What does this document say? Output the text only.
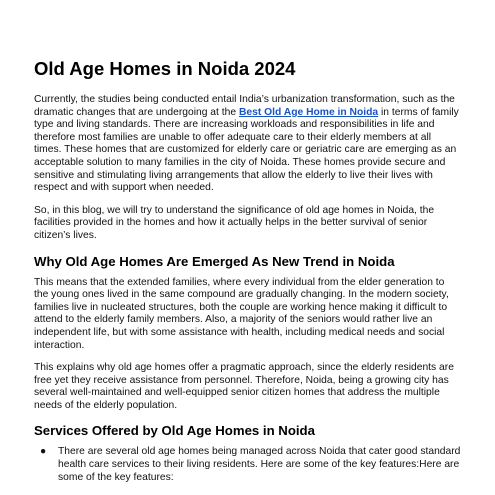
Old Age Homes in Noida 2024

Currently, the studies being conducted entail India’s urbanization transformation, such as the dramatic changes that are undergoing at the Best Old Age Home in Noida in terms of family type and living standards. There are increasing workloads and responsibilities in life and therefore most families are unable to offer adequate care to their elderly members at all times. These homes that are customized for elderly care or geriatric care are emerging as an acceptable solution to many families in the city of Noida. These homes provide secure and sensitive and stimulating living arrangements that allow the elderly to live their lives with respect and with support when needed.

So, in this blog, we will try to understand the significance of old age homes in Noida, the facilities provided in the homes and how it actually helps in the better survival of senior citizen’s lives.

Why Old Age Homes Are Emerged As New Trend in Noida

This means that the extended families, where every individual from the elder generation to the young ones lived in the same compound are gradually changing. In the modern society, families live in nucleated structures, both the couple are working hence making it difficult to attend to the elderly family members. Also, a majority of the seniors would rather live an independent life, but with some assistance with health, including medical needs and social interaction.

This explains why old age homes offer a pragmatic approach, since the elderly residents are free yet they receive assistance from personnel. Therefore, Noida, being a growing city has several well-maintained and well-equipped senior citizen homes that address the multiple needs of the elderly population.

Services Offered by Old Age Homes in Noida
● There are several old age homes being managed across Noida that cater good standard health care services to their living residents. Here are some of the key features:Here are some of the key features:
